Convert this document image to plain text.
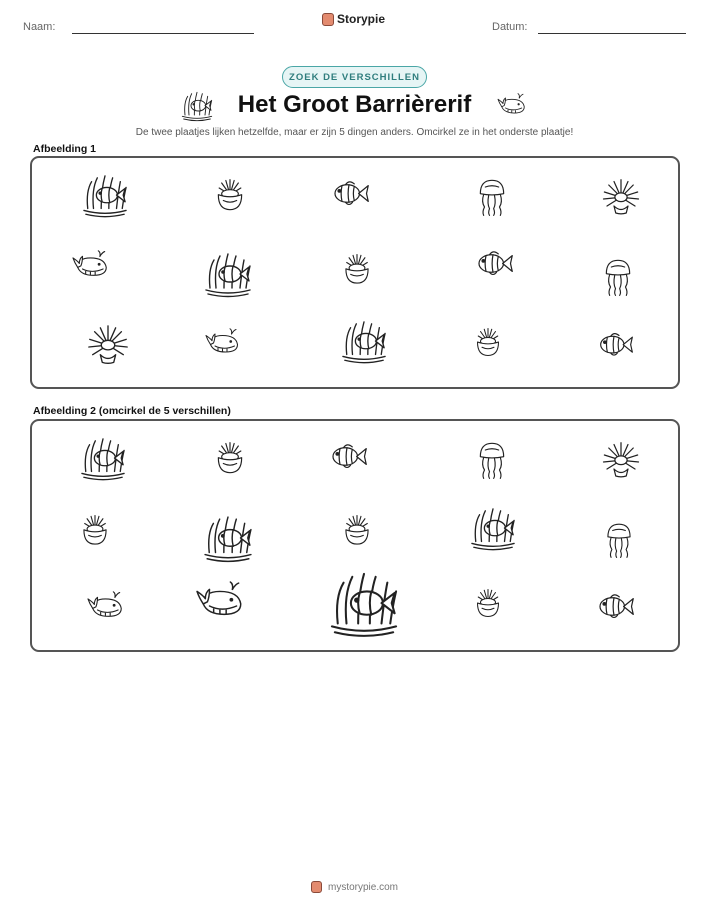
Naam:
Storypie
Datum:
ZOEK DE VERSCHILLEN
Het Groot Barrièrerif
De twee plaatjes lijken hetzelfde, maar er zijn 5 dingen anders. Omcirkel ze in het onderste plaatje!
Afbeelding 1
Afbeelding 2 (omcirkel de 5 verschillen)
mystorypie.com
